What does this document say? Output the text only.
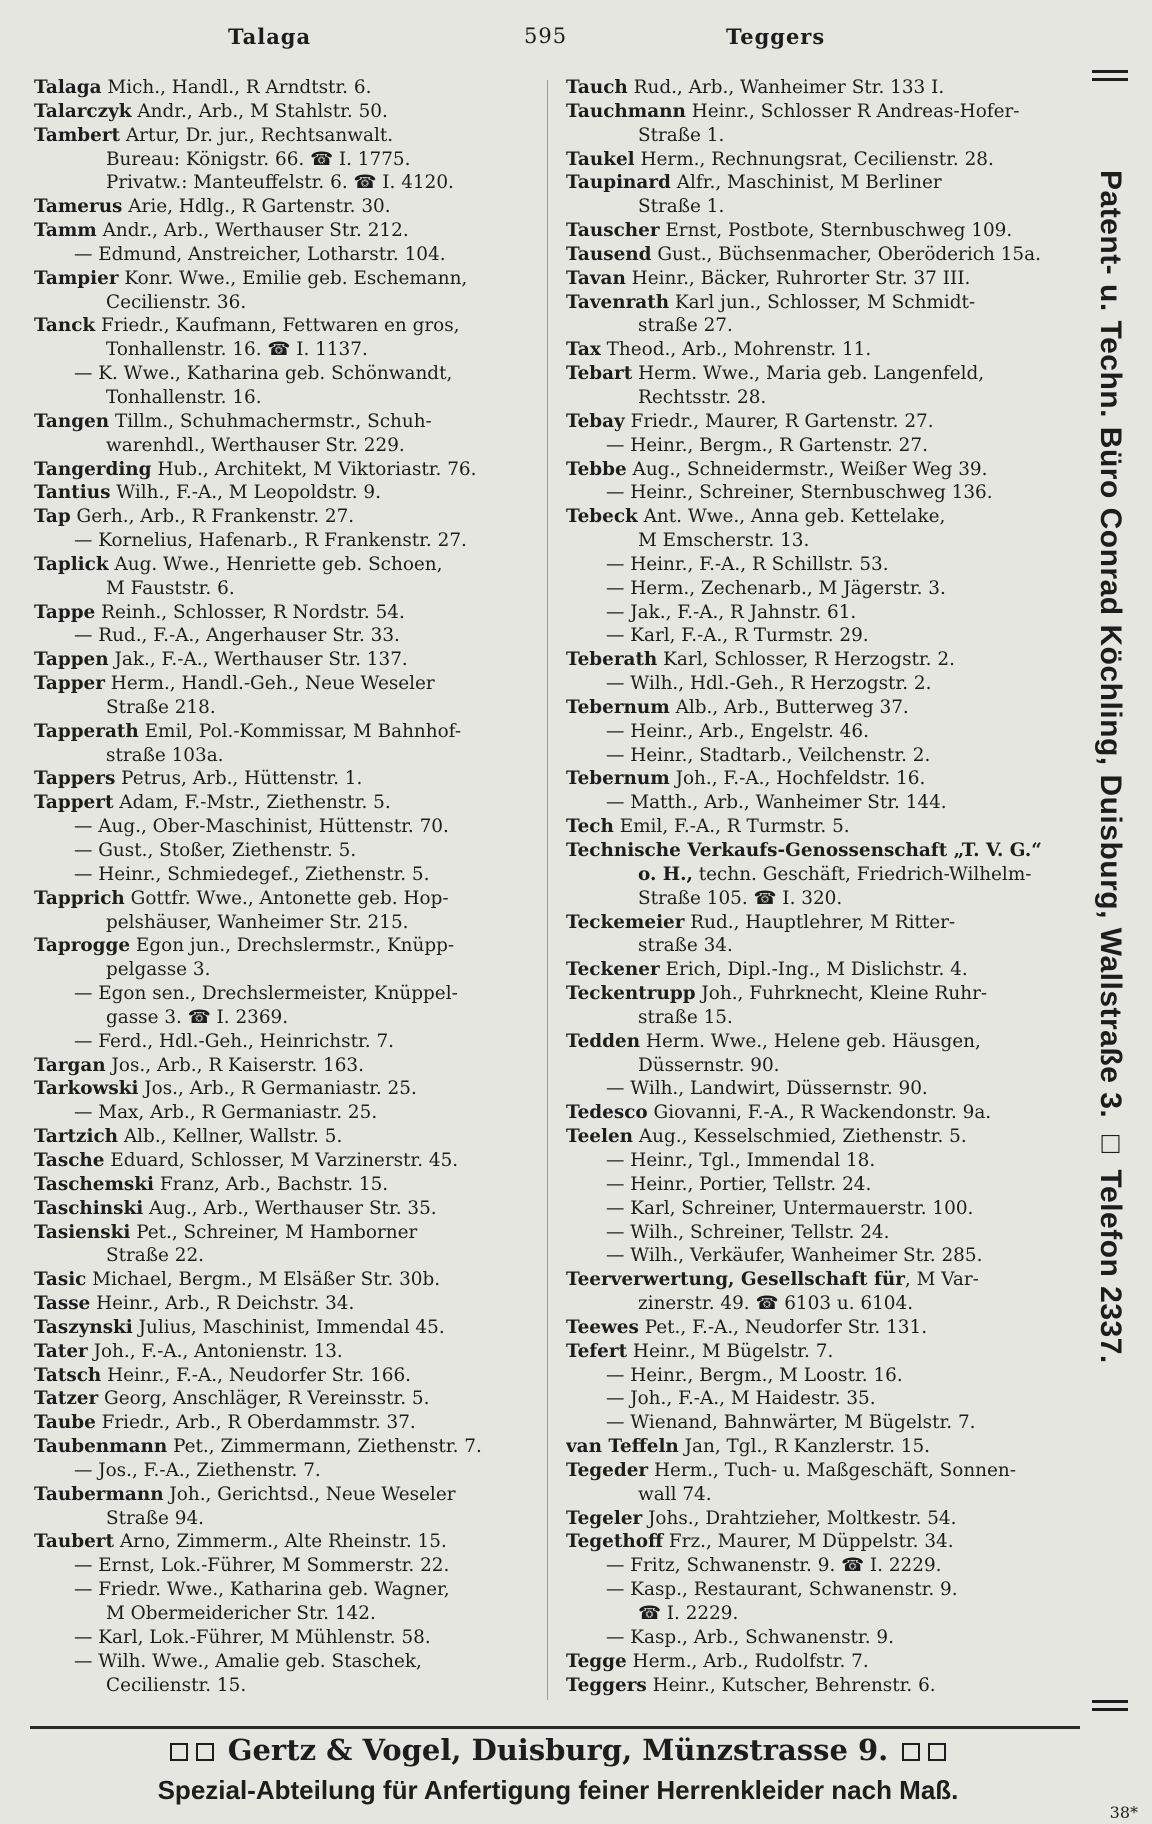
Talaga	595	Teggers
Talaga Mich., Handl., R Arndtstr. 6.
Talarczyk Andr., Arb., M Stahlstr. 50.
Tambert Artur, Dr. jur., Rechtsanwalt.
Bureau: Königstr. 66. ☎ I. 1775.
Privatw.: Manteuffelstr. 6. ☎ I. 4120.
Tamerus Arie, Hdlg., R Gartenstr. 30.
Tamm Andr., Arb., Werthauser Str. 212.
— Edmund, Anstreicher, Lotharstr. 104.
Tampier Konr. Wwe., Emilie geb. Eschemann,
Cecilienstr. 36.
Tanck Friedr., Kaufmann, Fettwaren en gros,
Tonhallenstr. 16. ☎ I. 1137.
— K. Wwe., Katharina geb. Schönwandt,
Tonhallenstr. 16.
Tangen Tillm., Schuhmachermstr., Schuh-
warenhdl., Werthauser Str. 229.
Tangerding Hub., Architekt, M Viktoriastr. 76.
Tantius Wilh., F.-A., M Leopoldstr. 9.
Tap Gerh., Arb., R Frankenstr. 27.
— Kornelius, Hafenarb., R Frankenstr. 27.
Taplick Aug. Wwe., Henriette geb. Schoen,
M Fauststr. 6.
Tappe Reinh., Schlosser, R Nordstr. 54.
— Rud., F.-A., Angerhauser Str. 33.
Tappen Jak., F.-A., Werthauser Str. 137.
Tapper Herm., Handl.-Geh., Neue Weseler
Straße 218.
Tapperath Emil, Pol.-Kommissar, M Bahnhof-
straße 103a.
Tappers Petrus, Arb., Hüttenstr. 1.
Tappert Adam, F.-Mstr., Ziethenstr. 5.
— Aug., Ober-Maschinist, Hüttenstr. 70.
— Gust., Stoßer, Ziethenstr. 5.
— Heinr., Schmiedegef., Ziethenstr. 5.
Tapprich Gottfr. Wwe., Antonette geb. Hop-
pelshäuser, Wanheimer Str. 215.
Taprogge Egon jun., Drechslermstr., Knüpp-
pelgasse 3.
— Egon sen., Drechslermeister, Knüppel-
gasse 3. ☎ I. 2369.
— Ferd., Hdl.-Geh., Heinrichstr. 7.
Targan Jos., Arb., R Kaiserstr. 163.
Tarkowski Jos., Arb., R Germaniastr. 25.
— Max, Arb., R Germaniastr. 25.
Tartzich Alb., Kellner, Wallstr. 5.
Tasche Eduard, Schlosser, M Varzinerstr. 45.
Taschemski Franz, Arb., Bachstr. 15.
Taschinski Aug., Arb., Werthauser Str. 35.
Tasienski Pet., Schreiner, M Hamborner
Straße 22.
Tasic Michael, Bergm., M Elsäßer Str. 30b.
Tasse Heinr., Arb., R Deichstr. 34.
Taszynski Julius, Maschinist, Immendal 45.
Tater Joh., F.-A., Antonienstr. 13.
Tatsch Heinr., F.-A., Neudorfer Str. 166.
Tatzer Georg, Anschläger, R Vereinsstr. 5.
Taube Friedr., Arb., R Oberdammstr. 37.
Taubenmann Pet., Zimmermann, Ziethenstr. 7.
— Jos., F.-A., Ziethenstr. 7.
Taubermann Joh., Gerichtsd., Neue Weseler
Straße 94.
Taubert Arno, Zimmerm., Alte Rheinstr. 15.
— Ernst, Lok.-Führer, M Sommerstr. 22.
— Friedr. Wwe., Katharina geb. Wagner,
M Obermeidericher Str. 142.
— Karl, Lok.-Führer, M Mühlenstr. 58.
— Wilh. Wwe., Amalie geb. Staschek,
Cecilienstr. 15.
Tauch Rud., Arb., Wanheimer Str. 133 I.
Tauchmann Heinr., Schlosser R Andreas-Hofer-
Straße 1.
Taukel Herm., Rechnungsrat, Cecilienstr. 28.
Taupinard Alfr., Maschinist, M Berliner
Straße 1.
Tauscher Ernst, Postbote, Sternbuschweg 109.
Tausend Gust., Büchsenmacher, Oberöderich 15a.
Tavan Heinr., Bäcker, Ruhrorter Str. 37 III.
Tavenrath Karl jun., Schlosser, M Schmidt-
straße 27.
Tax Theod., Arb., Mohrenstr. 11.
Tebart Herm. Wwe., Maria geb. Langenfeld,
Rechtsstr. 28.
Tebay Friedr., Maurer, R Gartenstr. 27.
— Heinr., Bergm., R Gartenstr. 27.
Tebbe Aug., Schneidermstr., Weißer Weg 39.
— Heinr., Schreiner, Sternbuschweg 136.
Tebeck Ant. Wwe., Anna geb. Kettelake,
M Emscherstr. 13.
— Heinr., F.-A., R Schillstr. 53.
— Herm., Zechenarb., M Jägerstr. 3.
— Jak., F.-A., R Jahnstr. 61.
— Karl, F.-A., R Turmstr. 29.
Teberath Karl, Schlosser, R Herzogstr. 2.
— Wilh., Hdl.-Geh., R Herzogstr. 2.
Tebernum Alb., Arb., Butterweg 37.
— Heinr., Arb., Engelstr. 46.
— Heinr., Stadtarb., Veilchenstr. 2.
Tebernum Joh., F.-A., Hochfeldstr. 16.
— Matth., Arb., Wanheimer Str. 144.
Tech Emil, F.-A., R Turmstr. 5.
Technische Verkaufs-Genossenschaft „T. V. G.“
o. H., techn. Geschäft, Friedrich-Wilhelm-
Straße 105. ☎ I. 320.
Teckemeier Rud., Hauptlehrer, M Ritter-
straße 34.
Teckener Erich, Dipl.-Ing., M Dislichstr. 4.
Teckentrupp Joh., Fuhrknecht, Kleine Ruhr-
straße 15.
Tedden Herm. Wwe., Helene geb. Häusgen,
Düssernstr. 90.
— Wilh., Landwirt, Düssernstr. 90.
Tedesco Giovanni, F.-A., R Wackendonstr. 9a.
Teelen Aug., Kesselschmied, Ziethenstr. 5.
— Heinr., Tgl., Immendal 18.
— Heinr., Portier, Tellstr. 24.
— Karl, Schreiner, Untermauerstr. 100.
— Wilh., Schreiner, Tellstr. 24.
— Wilh., Verkäufer, Wanheimer Str. 285.
Teerverwertung, Gesellschaft für, M Var-
zinerstr. 49. ☎ 6103 u. 6104.
Teewes Pet., F.-A., Neudorfer Str. 131.
Tefert Heinr., M Bügelstr. 7.
— Heinr., Bergm., M Loostr. 16.
— Joh., F.-A., M Haidestr. 35.
— Wienand, Bahnwärter, M Bügelstr. 7.
van Teffeln Jan, Tgl., R Kanzlerstr. 15.
Tegeder Herm., Tuch- u. Maßgeschäft, Sonnen-
wall 74.
Tegeler Johs., Drahtzieher, Moltkestr. 54.
Tegethoff Frz., Maurer, M Düppelstr. 34.
— Fritz, Schwanenstr. 9. ☎ I. 2229.
— Kasp., Restaurant, Schwanenstr. 9.
☎ I. 2229.
— Kasp., Arb., Schwanenstr. 9.
Tegge Herm., Arb., Rudolfstr. 7.
Teggers Heinr., Kutscher, Behrenstr. 6.
Patent- u. Techn. Büro Conrad Köchling, Duisburg, Wallstraße 3. □ Telefon 2337.
Gertz & Vogel, Duisburg, Münzstrasse 9.
Spezial-Abteilung für Anfertigung feiner Herrenkleider nach Maß.
38*
